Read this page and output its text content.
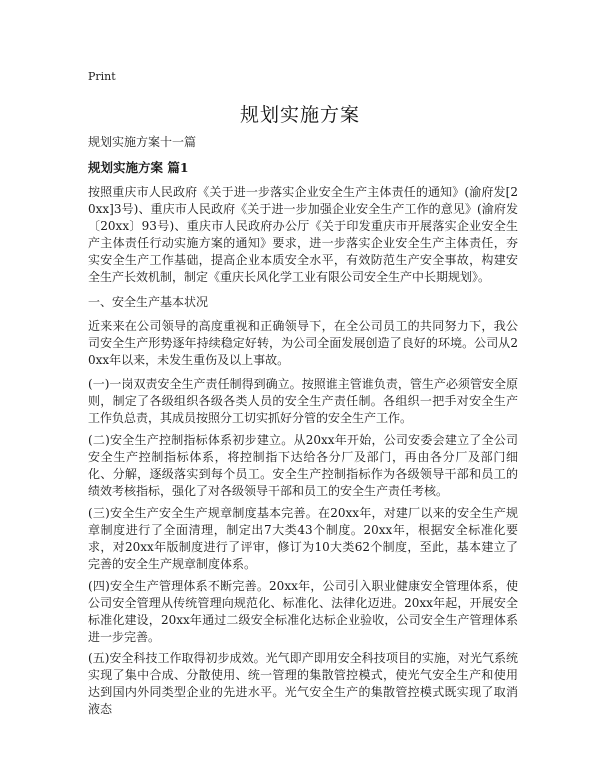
Print
规划实施方案
规划实施方案十一篇
规划实施方案 篇1

按照重庆市人民政府《关于进一步落实企业安全生产主体责任的通知》(渝府发[20xx]3号)、重庆市人民政府《关于进一步加强企业安全生产工作的意见》(渝府发〔20xx〕93号)、重庆市人民政府办公厅《关于印发重庆市开展落实企业安全生产主体责任行动实施方案的通知》要求，进一步落实企业安全生产主体责任，夯实安全生产工作基础，提高企业本质安全水平，有效防范生产安全事故，构建安全生产长效机制，制定《重庆长风化学工业有限公司安全生产中长期规划》。

一、安全生产基本状况

近来来在公司领导的高度重视和正确领导下，在全公司员工的共同努力下，我公司安全生产形势逐年持续稳定好转，为公司全面发展创造了良好的环境。公司从20xx年以来，未发生重伤及以上事故。

(一)一岗双责安全生产责任制得到确立。按照谁主管谁负责，管生产必须管安全原则，制定了各级组织各级各类人员的安全生产责任制。各组织一把手对安全生产工作负总责，其成员按照分工切实抓好分管的安全生产工作。

(二)安全生产控制指标体系初步建立。从20xx年开始，公司安委会建立了全公司安全生产控制指标体系，将控制指下达给各分厂及部门，再由各分厂及部门细化、分解，逐级落实到每个员工。安全生产控制指标作为各级领导干部和员工的绩效考核指标，强化了对各级领导干部和员工的安全生产责任考核。

(三)安全生产安全生产规章制度基本完善。在20xx年，对建厂以来的安全生产规章制度进行了全面清理，制定出7大类43个制度。20xx年，根据安全标准化要求，对20xx年版制度进行了评审，修订为10大类62个制度，至此，基本建立了完善的安全生产规章制度体系。

(四)安全生产管理体系不断完善。20xx年，公司引入职业健康安全管理体系，使公司安全管理从传统管理向规范化、标准化、法律化迈进。20xx年起，开展安全标准化建设，20xx年通过二级安全标准化达标企业验收，公司安全生产管理体系进一步完善。

(五)安全科技工作取得初步成效。光气即产即用安全科技项目的实施，对光气系统实现了集中合成、分散使用、统一管理的集散管控模式，使光气安全生产和使用达到国内外同类型企业的先进水平。光气安全生产的集散管控模式既实现了取消液态
